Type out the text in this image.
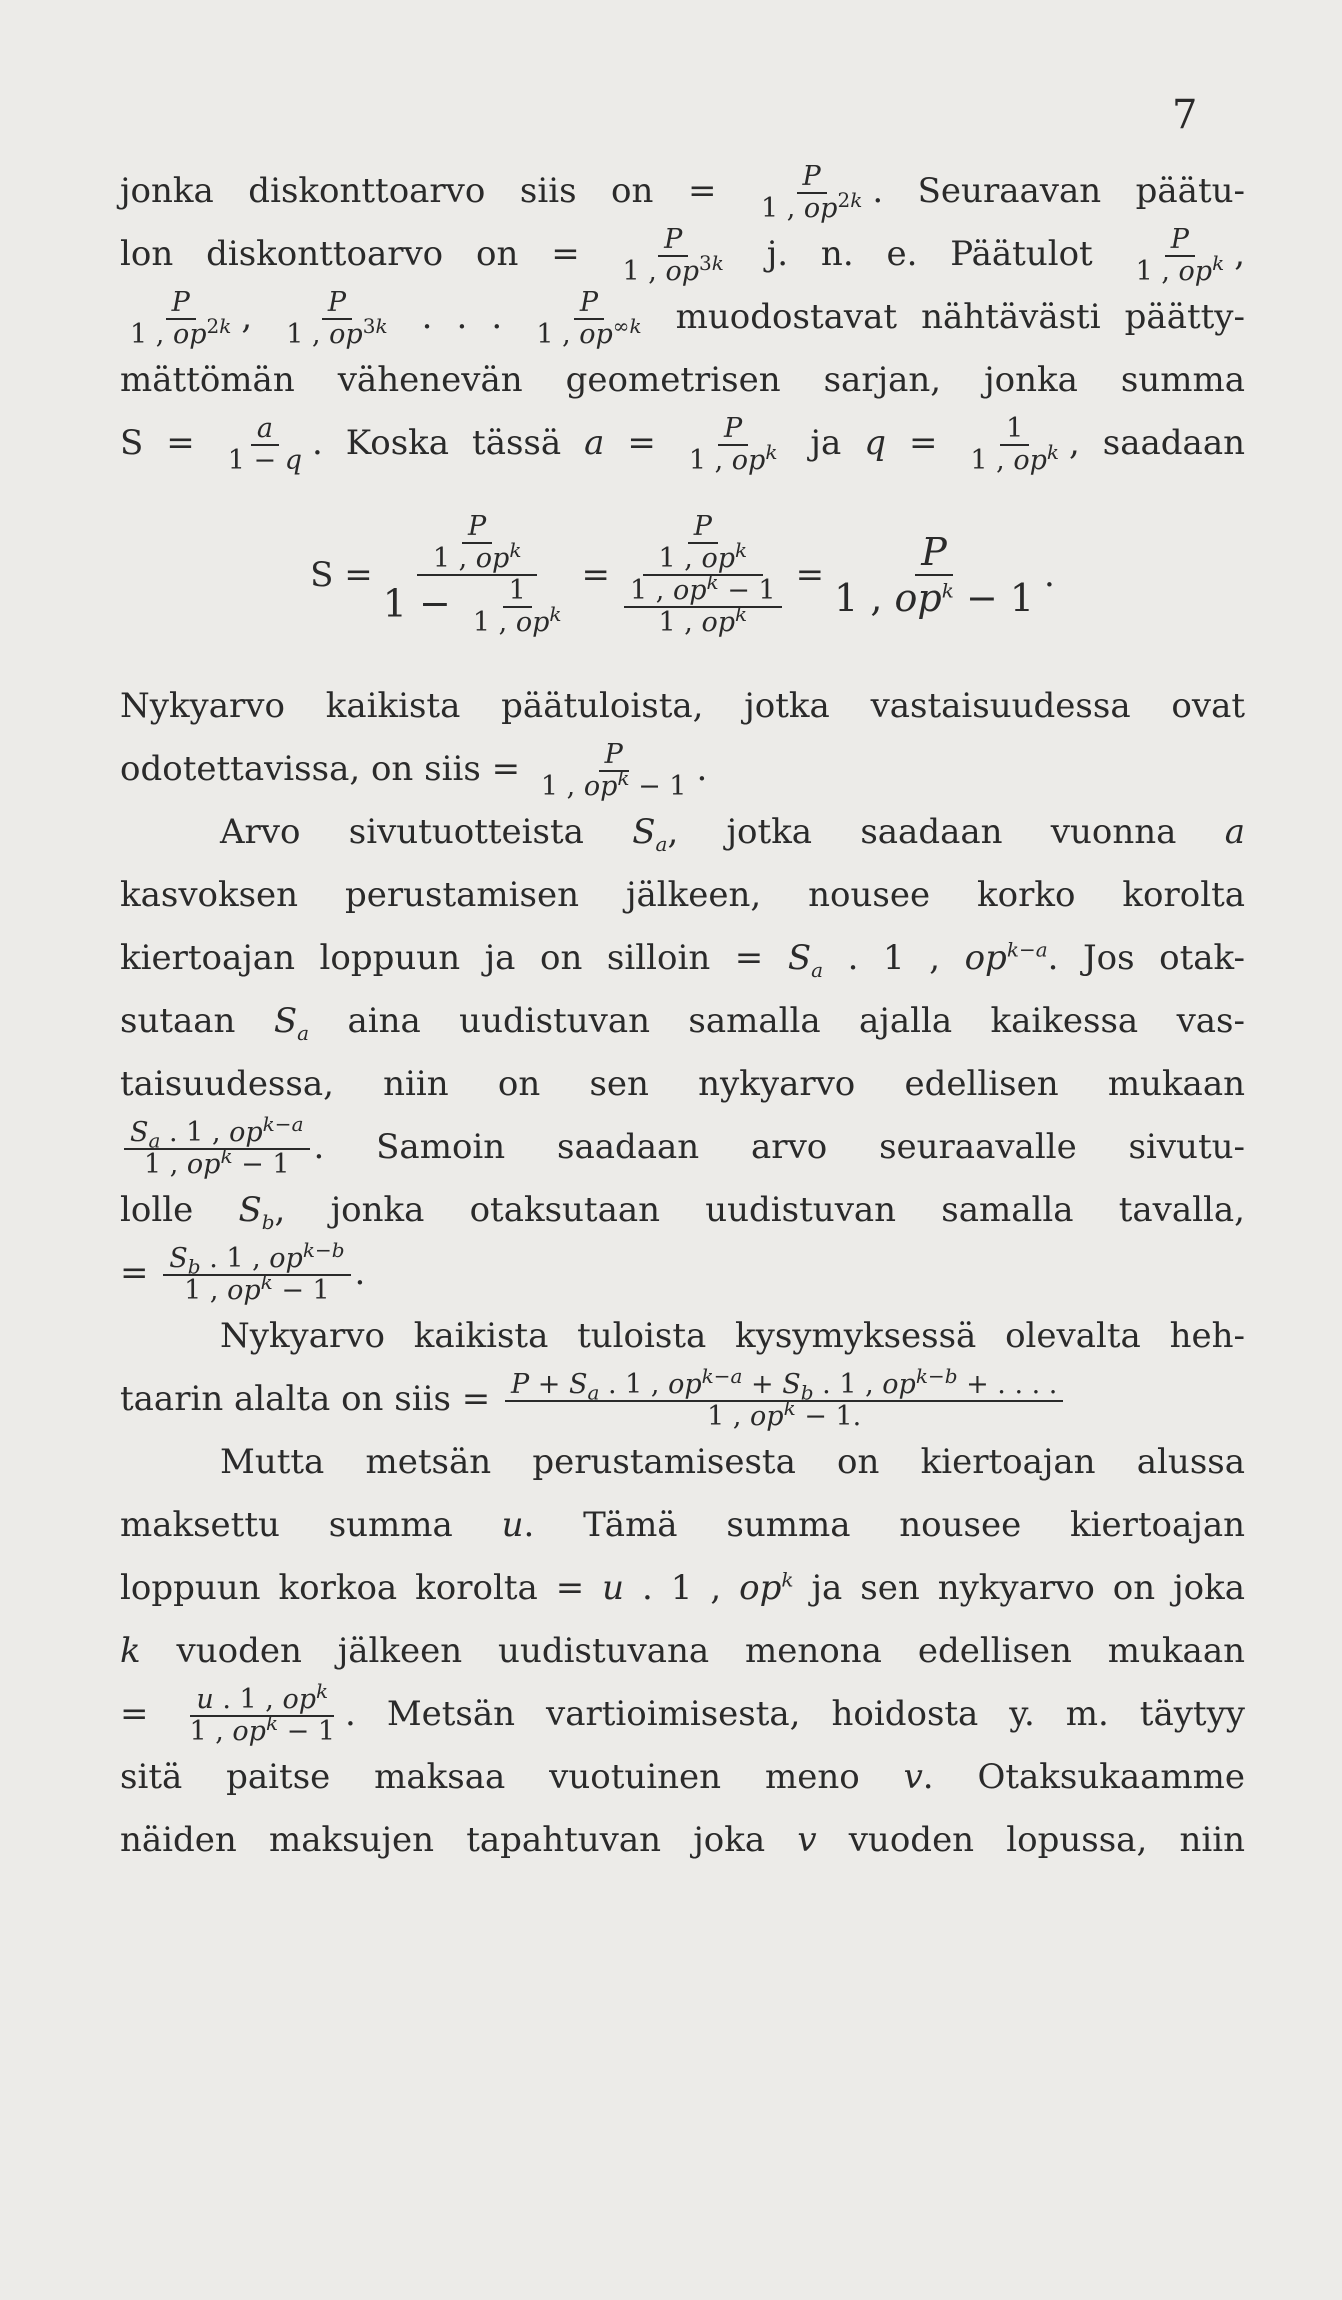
7
jonka diskonttoarvo siis on = $\frac{P}{1 , op^{2k}}$ . Seuraavan päätu-
lon diskonttoarvo on = $\frac{P}{1 , op^{3k}} j$. n. e. Päätulot $\frac{P}{1 , op^k}$ ,
$\frac{P}{1 , op^{2k}}$ , $\frac{P}{1 , op^{3k}}$ . . . $\frac{P}{1 , op^{\infty k}}$ muodostavat nähtävästi päätty-
mättömän vähenevän geometrisen sarjan, jonka summa
$S = \frac{a}{1 - q}$ . Koska tässä $a = \frac{P}{1 , op^k}$ ja $q = \frac{1}{1 , op^k}$ , saadaan
$S = \frac{\frac{P}{1 , op^k}}{1 - \frac{1}{1 , op^k}} = \frac{\frac{P}{1 , op^k}}{\frac{1 , op^k - 1}{1 , op^k}} = \frac{P}{1 , op^k - 1}$ .
Nykyarvo kaikista päätuloista, jotka vastaisuudessa ovat
odotettavissa, on siis = $\frac{P}{1 , op^k - 1}$ .
Arvo sivutuotteista $S_a$, jotka saadaan vuonna a
kasvoksen perustamisen jälkeen, nousee korko korolta
kiertoajan loppuun ja on silloin = $S_a$ . 1 , $op^{k-a}$. Jos otak-
sutaan $S_a$ aina uudistuvan samalla ajalla kaikessa vas-
taisuudessa, niin on sen nykyarvo edellisen mukaan
$\frac{S_a . 1 , op^{k-a}}{1 , op^k - 1}$ . Samoin saadaan arvo seuraavalle sivutu-
lolle $S_b$, jonka otaksutaan uudistuvan samalla tavalla,
= $\frac{S_b . 1 , op^{k-b}}{1 , op^k - 1}$ .
Nykyarvo kaikista tuloista kysymyksessä olevalta heh-
taarin alalta on siis = $\frac{P + S_a . 1 , op^{k-a} + S_b . 1 , op^{k-b} + . . . .}{1 , op^k - 1.}$
Mutta metsän perustamisesta on kiertoajan alussa
maksettu summa u. Tämä summa nousee kiertoajan
loppuun korkoa korolta = u . 1 , $op^k$ ja sen nykyarvo on joka
k vuoden jälkeen uudistuvana menona edellisen mukaan
= $\frac{u . 1 , op^k}{1 , op^k - 1}$ . Metsän vartioimisesta, hoidosta y. m. täytyy
sitä paitse maksaa vuotuinen meno v. Otaksukaamme
näiden maksujen tapahtuvan joka v vuoden lopussa, niin
